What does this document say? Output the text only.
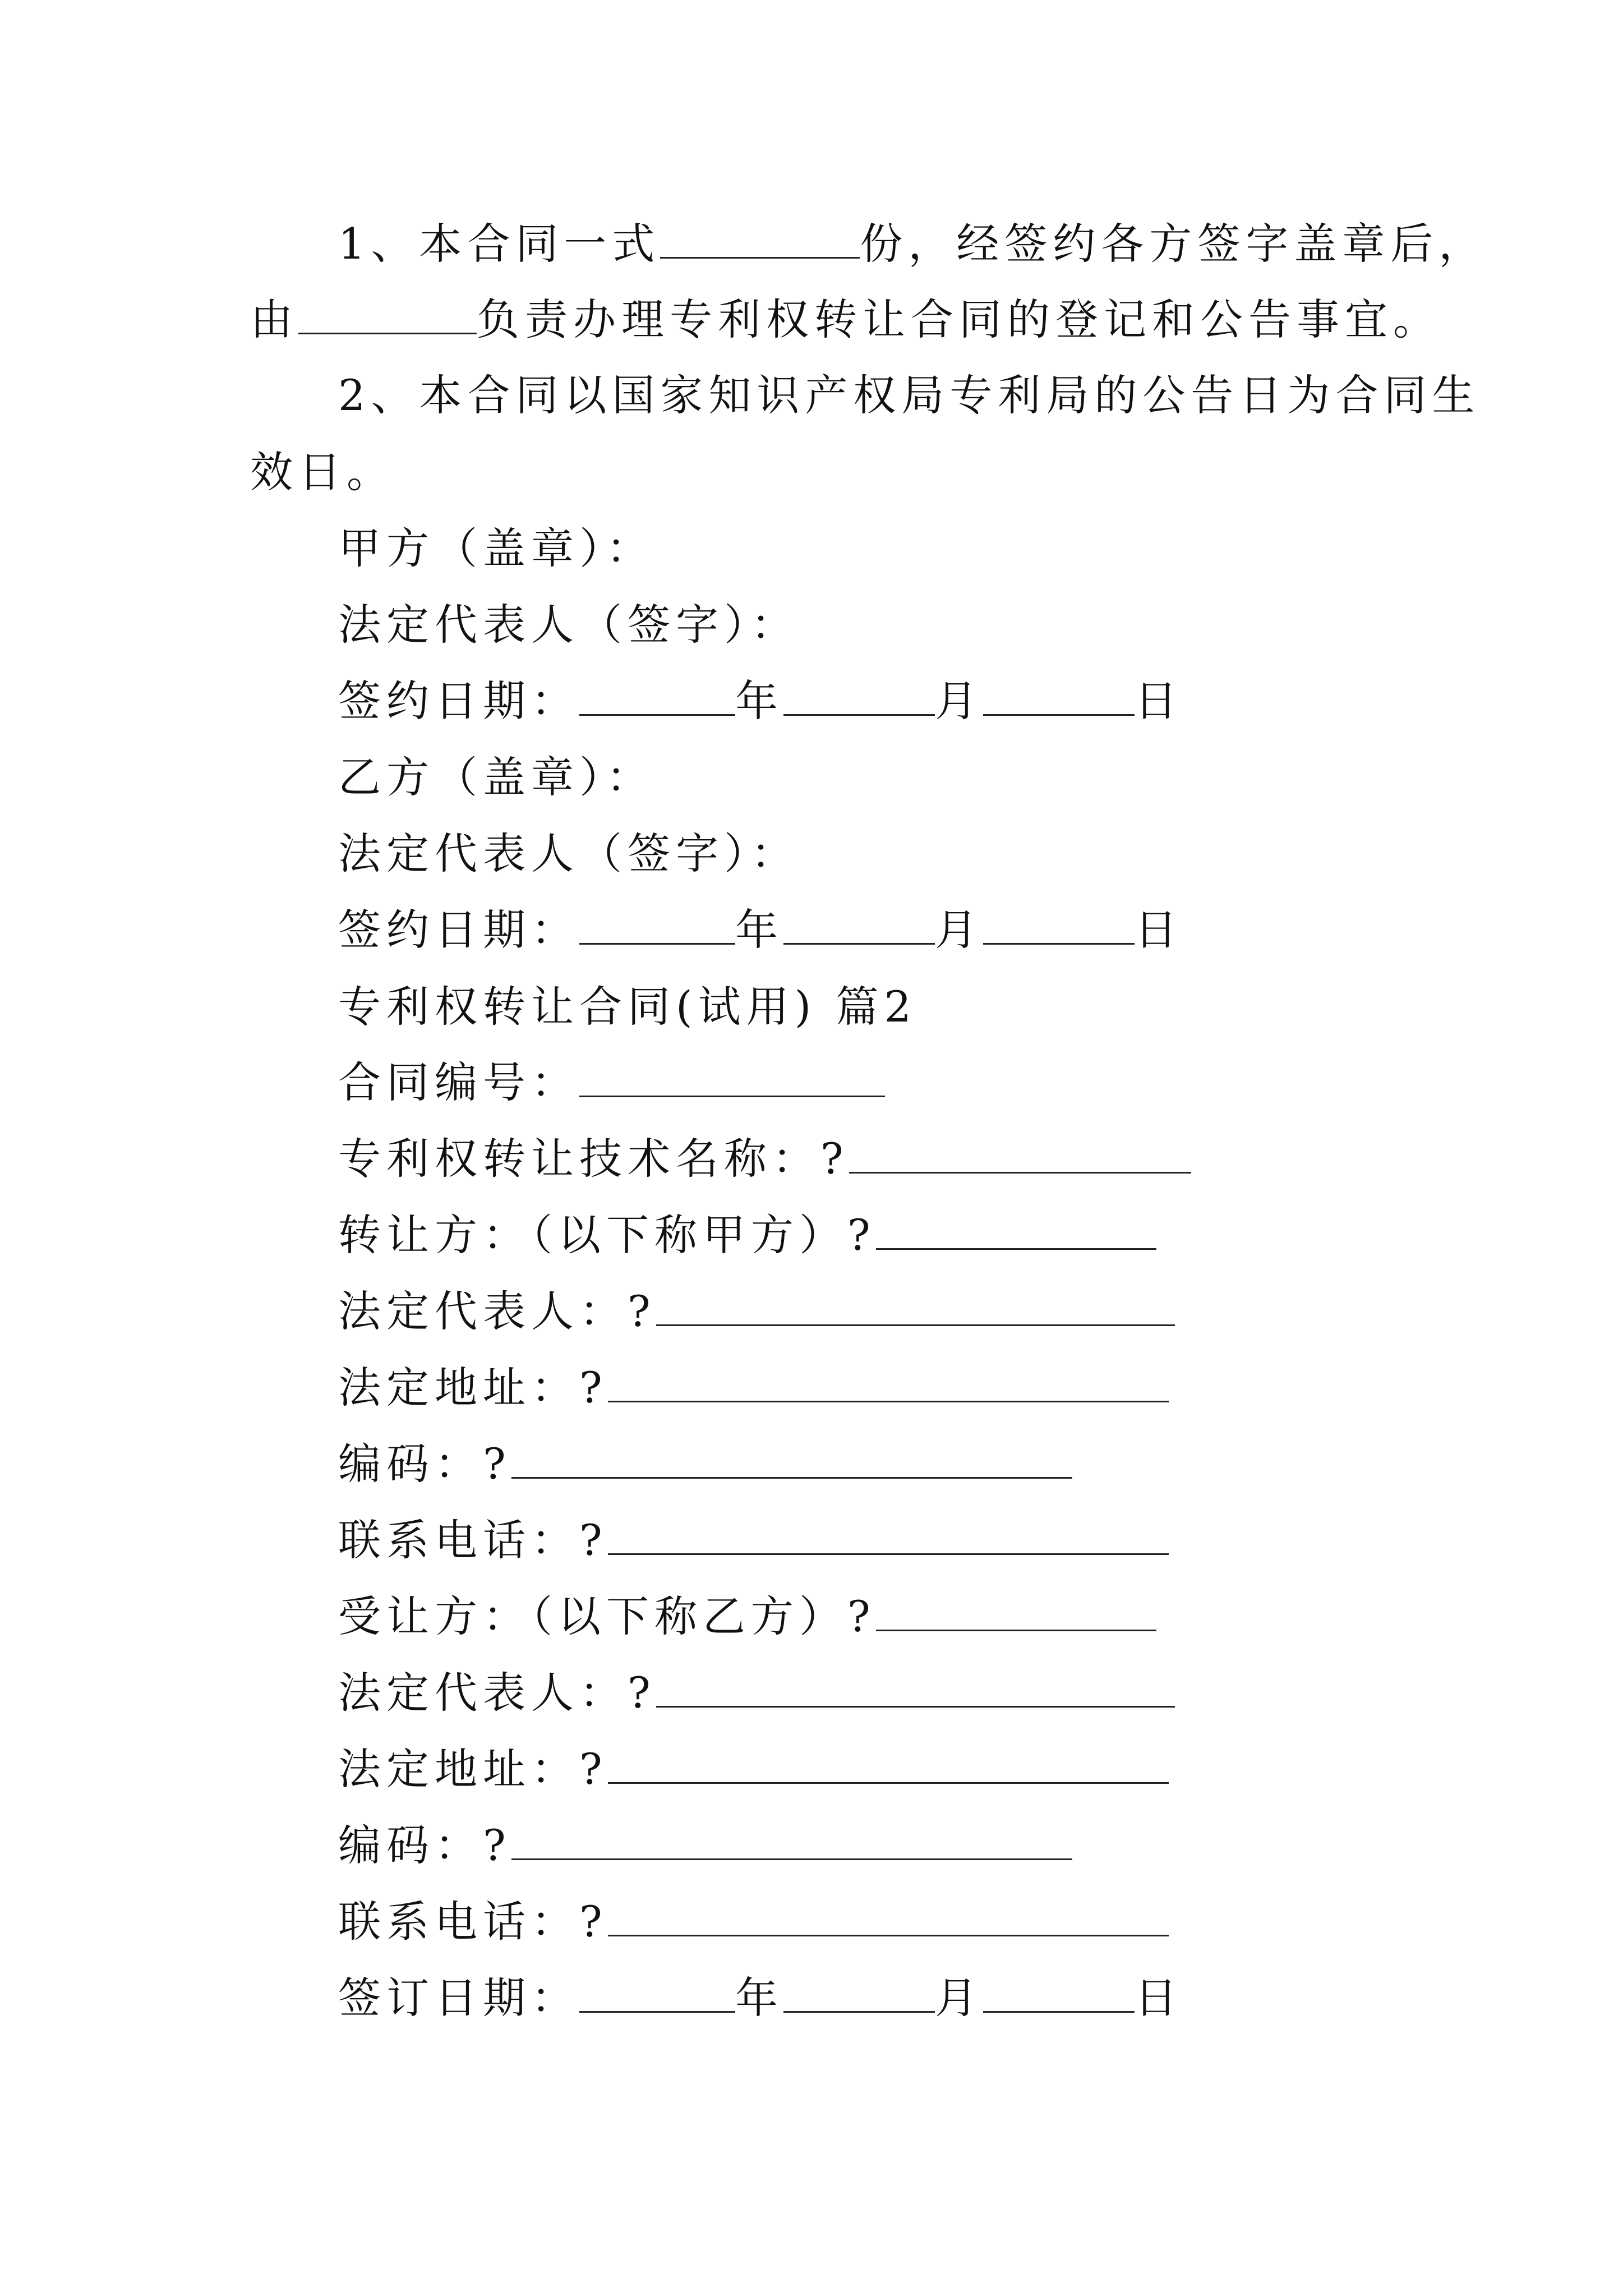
1、本合同一式	份，经签约各方签字盖章后，
由	负责办理专利权转让合同的登记和公告事宜。
2、本合同以国家知识产权局专利局的公告日为合同生
效日。
甲方（盖章）：
法定代表人（签字）：
签约日期：	年	月	日
乙方（盖章）：
法定代表人（签字）：
签约日期：	年	月	日
专利权转让合同(试用) 篇2
合同编号：
专利权转让技术名称：?
转让方：（以下称甲方）?
法定代表人：?
法定地址：?
编码：?
联系电话：?
受让方：（以下称乙方）?
法定代表人：?
法定地址：?
编码：?
联系电话：?
签订日期：	年	月	日
